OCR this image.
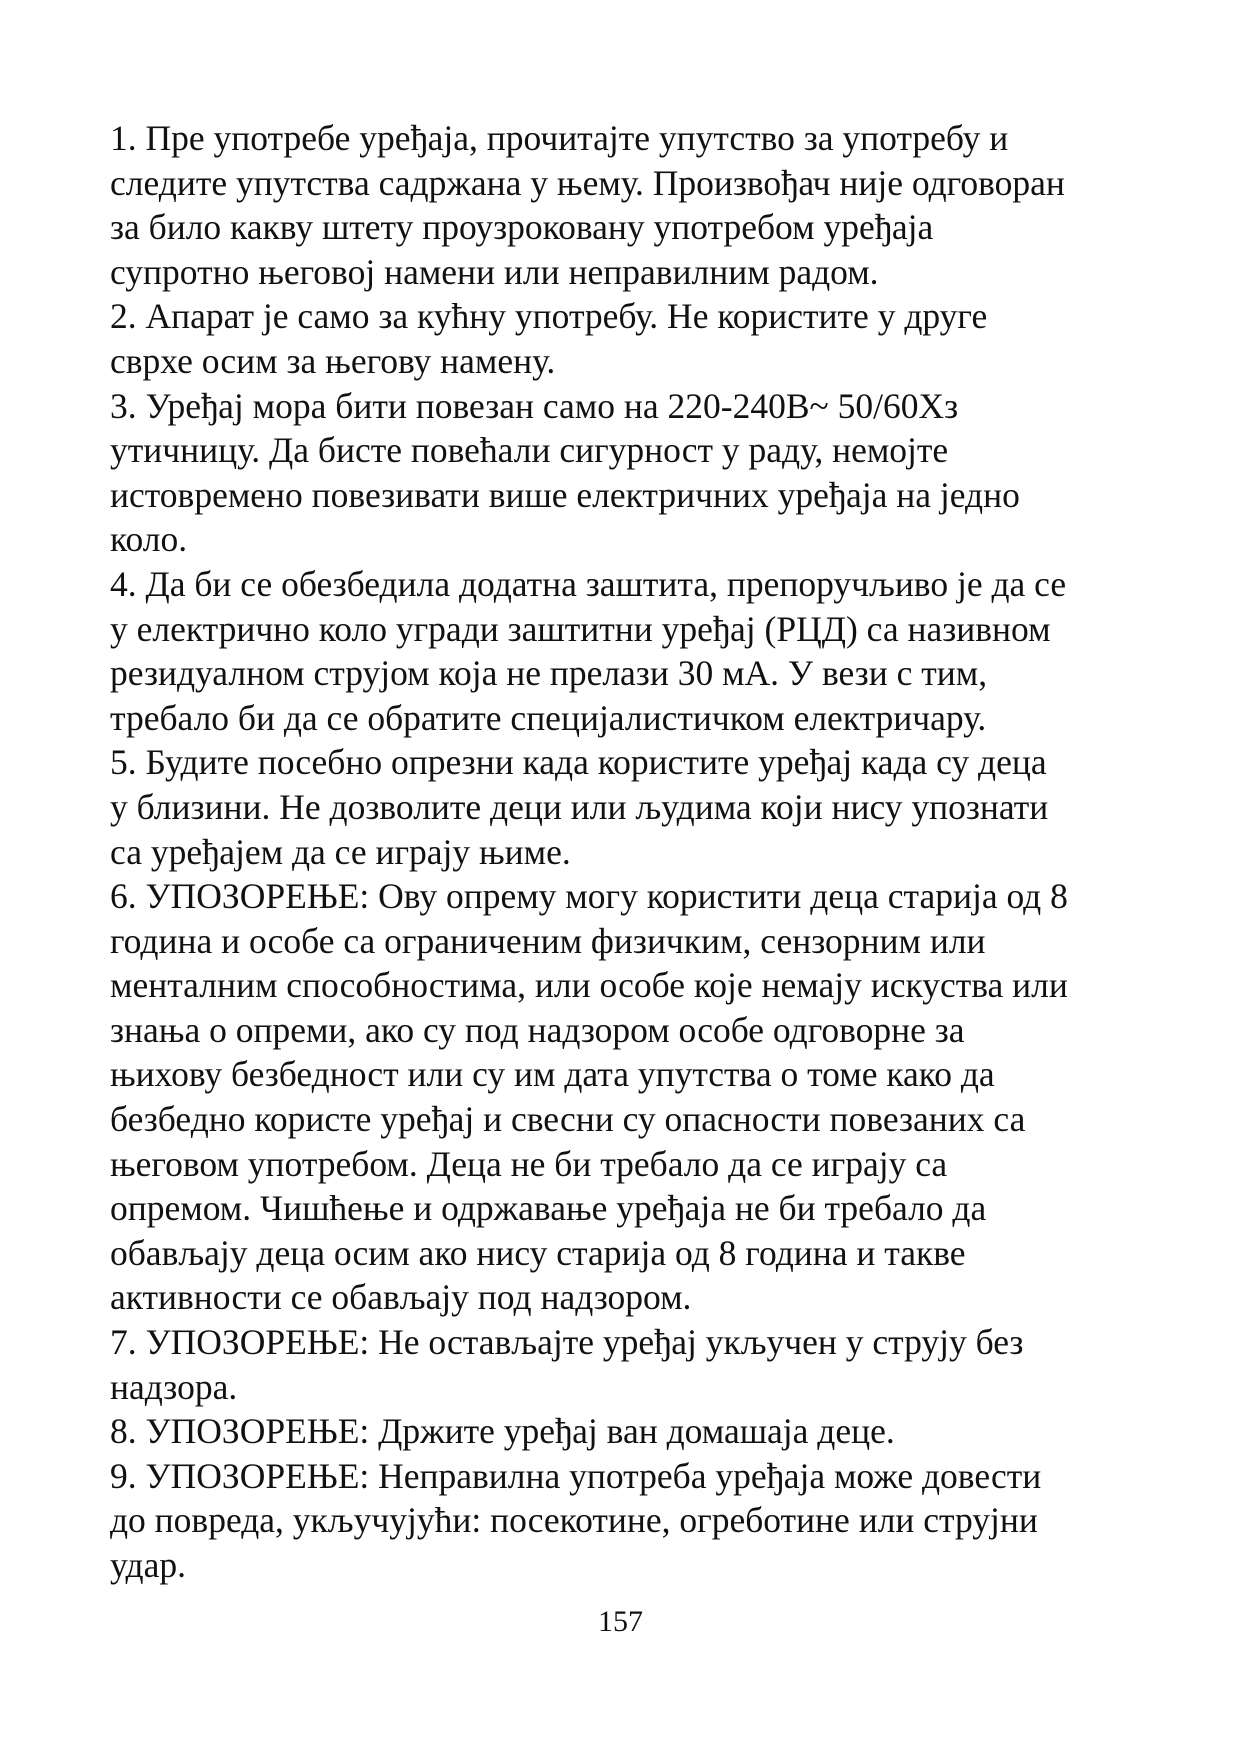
1. Пре употребе уређаја, прочитајте упутство за употребу и
следите упутства садржана у њему. Произвођач није одговоран
за било какву штету проузроковану употребом уређаја
супротно његовој намени или неправилним радом.
2. Апарат је само за кућну употребу. Не користите у друге
сврхе осим за његову намену.
3. Уређај мора бити повезан само на 220-240В~ 50/60Хз
утичницу. Да бисте повећали сигурност у раду, немојте
истовремено повезивати више електричних уређаја на једно
коло.
4. Да би се обезбедила додатна заштита, препоручљиво је да се
у електрично коло угради заштитни уређај (РЦД) са називном
резидуалном струјом која не прелази 30 мА. У вези с тим,
требало би да се обратите специјалистичком електричару.
5. Будите посебно опрезни када користите уређај када су деца
у близини. Не дозволите деци или људима који нису упознати
са уређајем да се играју њиме.
6. УПОЗОРЕЊЕ: Ову опрему могу користити деца старија од 8
година и особе са ограниченим физичким, сензорним или
менталним способностима, или особе које немају искуства или
знања о опреми, ако су под надзором особе одговорне за
њихову безбедност или су им дата упутства о томе како да
безбедно користе уређај и свесни су опасности повезаних са
његовом употребом. Деца не би требало да се играју са
опремом. Чишћење и одржавање уређаја не би требало да
обављају деца осим ако нису старија од 8 година и такве
активности се обављају под надзором.
7. УПОЗОРЕЊЕ: Не остављајте уређај укључен у струју без
надзора.
8. УПОЗОРЕЊЕ: Држите уређај ван домашаја деце.
9. УПОЗОРЕЊЕ: Неправилна употреба уређаја може довести
до повреда, укључујући: посекотине, огреботине или струјни
удар.
157
